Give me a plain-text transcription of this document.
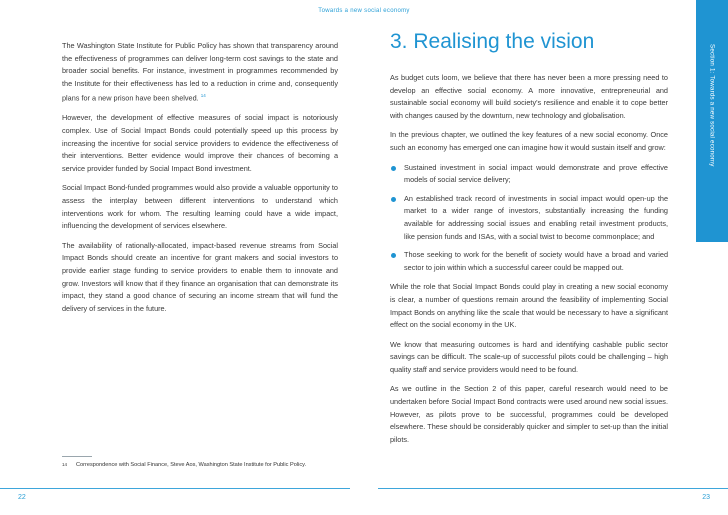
Towards a new social economy
Section 1: Towards a new social economy

The Washington State Institute for Public Policy has shown that transparency around the effectiveness of programmes can deliver long-term cost savings to the state and broader social benefits. For instance, investment in programmes recommended by the Institute for their effectiveness has led to a reduction in crime and, consequently plans for a new prison have been shelved. $^{14}$

However, the development of effective measures of social impact is notoriously complex. Use of Social Impact Bonds could potentially speed up this process by increasing the incentive for social service providers to evidence the effectiveness of their interventions. Better evidence would improve their chances of becoming a service provider funded by Social Impact Bond investment.

Social Impact Bond-funded programmes would also provide a valuable opportunity to assess the interplay between different interventions to understand which interventions work for whom. The resulting learning could have a wide impact, influencing the development of services elsewhere.

The availability of rationally-allocated, impact-based revenue streams from Social Impact Bonds should create an incentive for grant makers and social investors to provide earlier stage funding to service providers to enable them to innovate and grow. Investors will know that if they finance an organisation that can demonstrate its impact, they stand a good chance of securing an income stream that will fund the delivery of services in the future.

14 Correspondence with Social Finance, Steve Aos, Washington State Institute for Public Policy.
3. Realising the vision

As budget cuts loom, we believe that there has never been a more pressing need to develop an effective social economy. A more innovative, entrepreneurial and sustainable social economy will build society's resilience and enable it to cope better with changes caused by the downturn, new technology and globalisation.

In the previous chapter, we outlined the key features of a new social economy. Once such an economy has emerged one can imagine how it would sustain itself and grow:

Sustained investment in social impact would demonstrate and prove effective models of social service delivery;
An established track record of investments in social impact would open-up the market to a wider range of investors, substantially increasing the funding available for addressing social issues and enabling retail investment products, like pension funds and ISAs, with a social twist to become commonplace; and
Those seeking to work for the benefit of society would have a broad and varied sector to join within which a successful career could be mapped out.

While the role that Social Impact Bonds could play in creating a new social economy is clear, a number of questions remain around the feasibility of implementing Social Impact Bonds on anything like the scale that would be necessary to have a significant effect on the social economy in the UK.

We know that measuring outcomes is hard and identifying cashable public sector savings can be difficult. The scale-up of successful pilots could be challenging – high quality staff and service providers would need to be found.

As we outline in the Section 2 of this paper, careful research would need to be undertaken before Social Impact Bond contracts were used around new social issues. However, as pilots prove to be successful, programmes could be developed elsewhere. These should be considerably quicker and simpler to set-up than the initial pilots.

22	23
